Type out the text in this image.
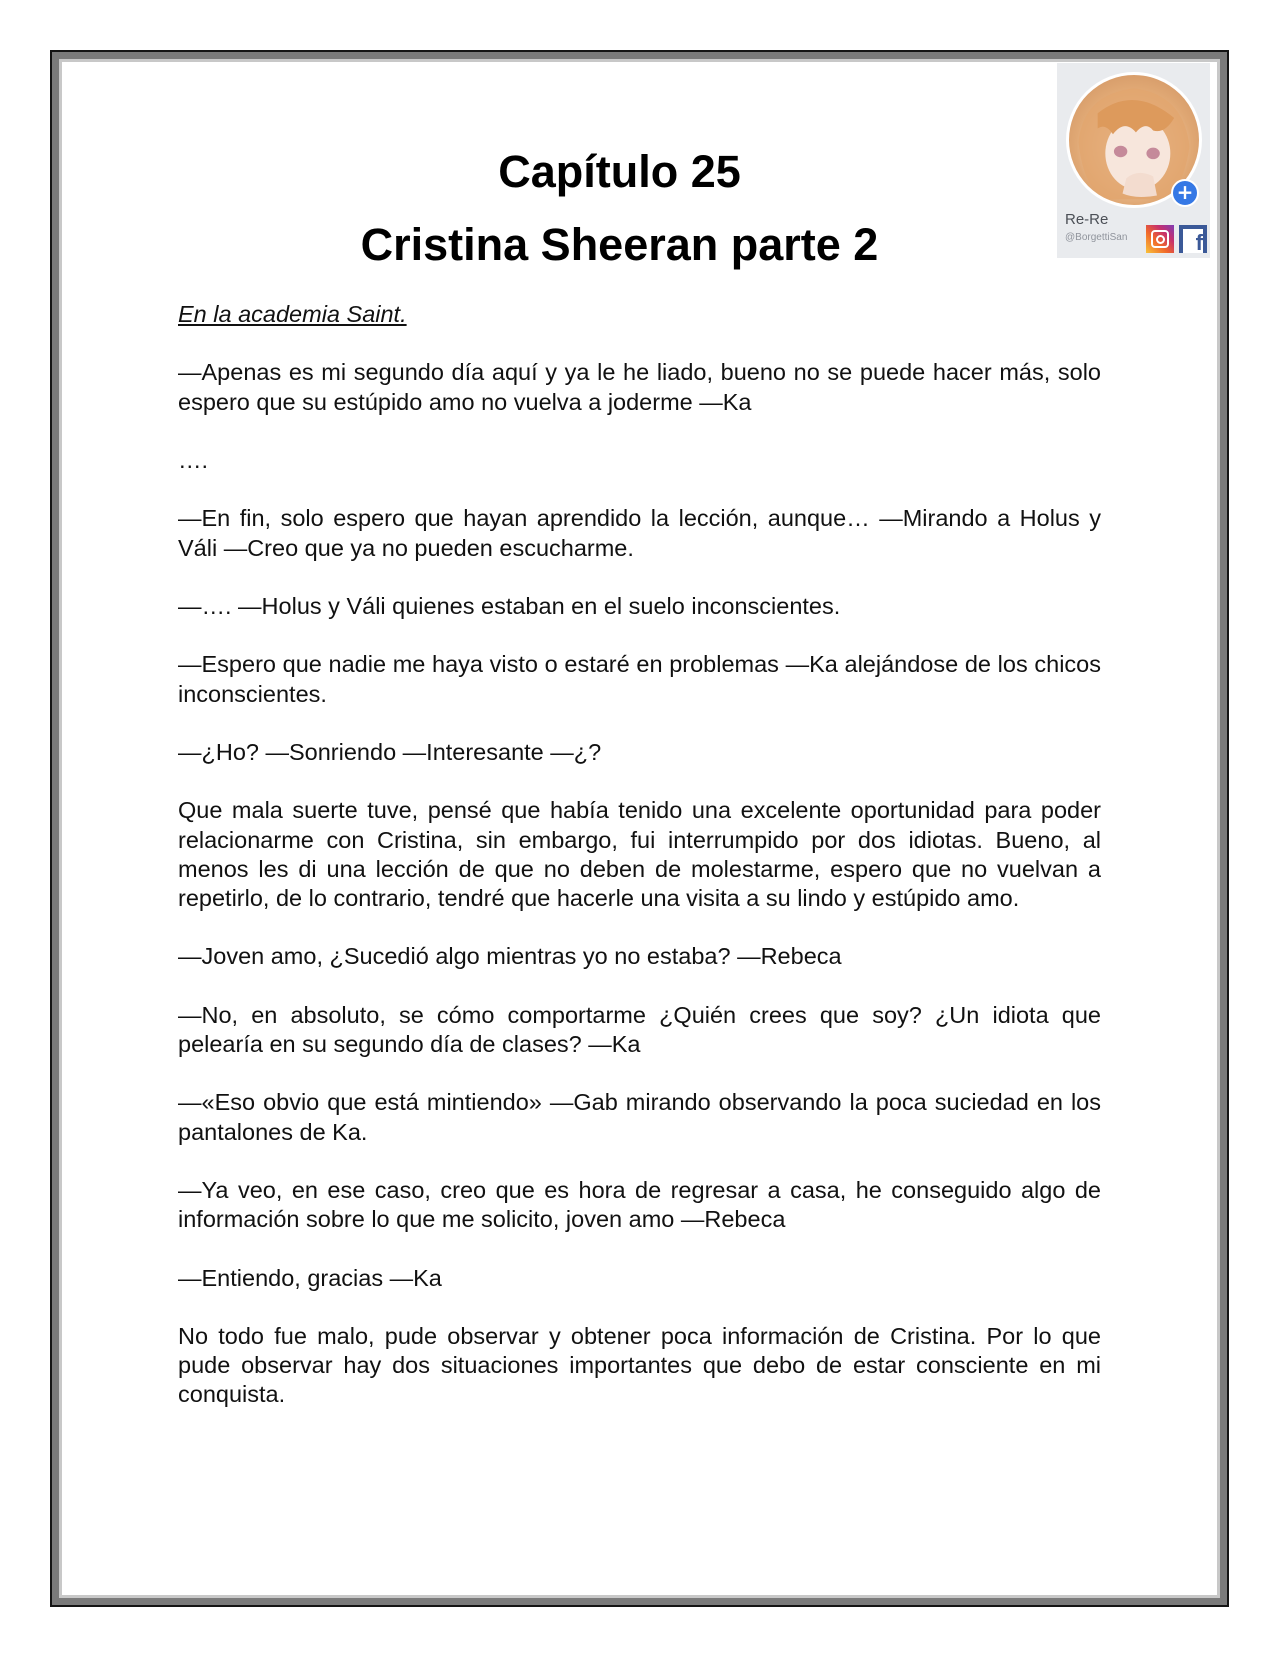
+
Re-Re
@BorgettiSan	f
Capítulo 25
Cristina Sheeran parte 2

En la academia Saint.

—Apenas es mi segundo día aquí y ya le he liado, bueno no se puede hacer más, solo espero que su estúpido amo no vuelva a joderme —Ka

….

—En fin, solo espero que hayan aprendido la lección, aunque… —Mirando a Holus y Váli —Creo que ya no pueden escucharme.

—…. —Holus y Váli quienes estaban en el suelo inconscientes.

—Espero que nadie me haya visto o estaré en problemas —Ka alejándose de los chicos inconscientes.

—¿Ho? —Sonriendo —Interesante —¿?

Que mala suerte tuve, pensé que había tenido una excelente oportunidad para poder relacionarme con Cristina, sin embargo, fui interrumpido por dos idiotas. Bueno, al menos les di una lección de que no deben de molestarme, espero que no vuelvan a repetirlo, de lo contrario, tendré que hacerle una visita a su lindo y estúpido amo.

—Joven amo, ¿Sucedió algo mientras yo no estaba? —Rebeca

—No, en absoluto, se cómo comportarme ¿Quién crees que soy? ¿Un idiota que pelearía en su segundo día de clases? —Ka

—«Eso obvio que está mintiendo» —Gab mirando observando la poca suciedad en los pantalones de Ka.

—Ya veo, en ese caso, creo que es hora de regresar a casa, he conseguido algo de información sobre lo que me solicito, joven amo —Rebeca

—Entiendo, gracias —Ka

No todo fue malo, pude observar y obtener poca información de Cristina. Por lo que pude observar hay dos situaciones importantes que debo de estar consciente en mi conquista.
